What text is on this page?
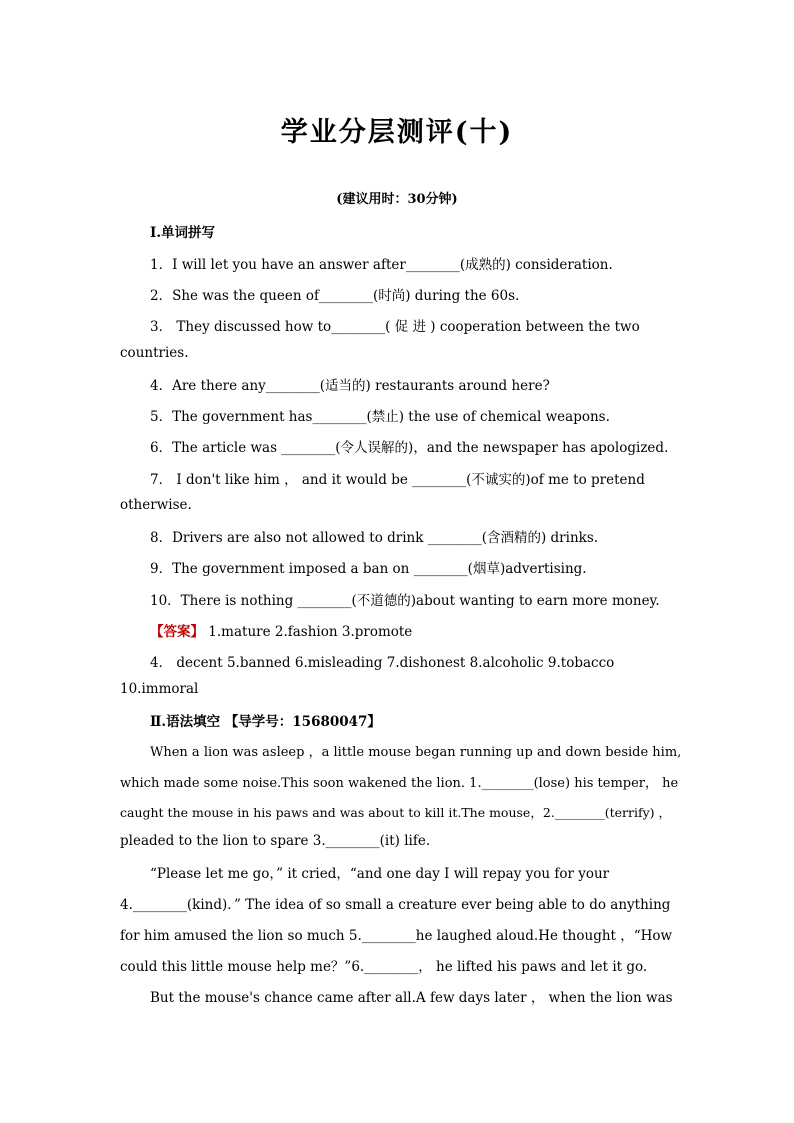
学业分层测评(十)
(建议用时：30分钟)
Ⅰ.单词拼写
1．I will let you have an answer after________(成熟的) consideration.
2．She was the queen of________(时尚) during the 60s.
3． They discussed how to________( 促 进 ) cooperation between the two
countries.
4．Are there any________(适当的) restaurants around here?
5．The government has________(禁止) the use of chemical weapons.
6．The article was ________(令人误解的)，and the newspaper has apologized.
7． I don't like him ， and it would be ________(不诚实的)of me to pretend
otherwise.
8．Drivers are also not allowed to drink ________(含酒精的) drinks.
9．The government imposed a ban on ________(烟草)advertising.
10．There is nothing ________(不道德的)about wanting to earn more money.
【答案】 1.mature 2.fashion 3.promote
4． decent 5.banned 6.misleading 7.dishonest 8.alcoholic 9.tobacco
10.immoral
Ⅱ.语法填空 【导学号：15680047】
When a lion was asleep ，a little mouse began running up and down beside him,
which made some noise.This soon wakened the lion. 1.________(lose) his temper， he
caught the mouse in his paws and was about to kill it.The mouse，2.________(terrify) ，
pleaded to the lion to spare 3.________(it) life.
“Please let me go，” it cried，“and one day I will repay you for your
4.________(kind)．” The idea of so small a creature ever being able to do anything
for him amused the lion so much 5.________he laughed aloud.He thought ，“How
could this little mouse help me？”6.________， he lifted his paws and let it go.
But the mouse's chance came after all.A few days later ， when the lion was
